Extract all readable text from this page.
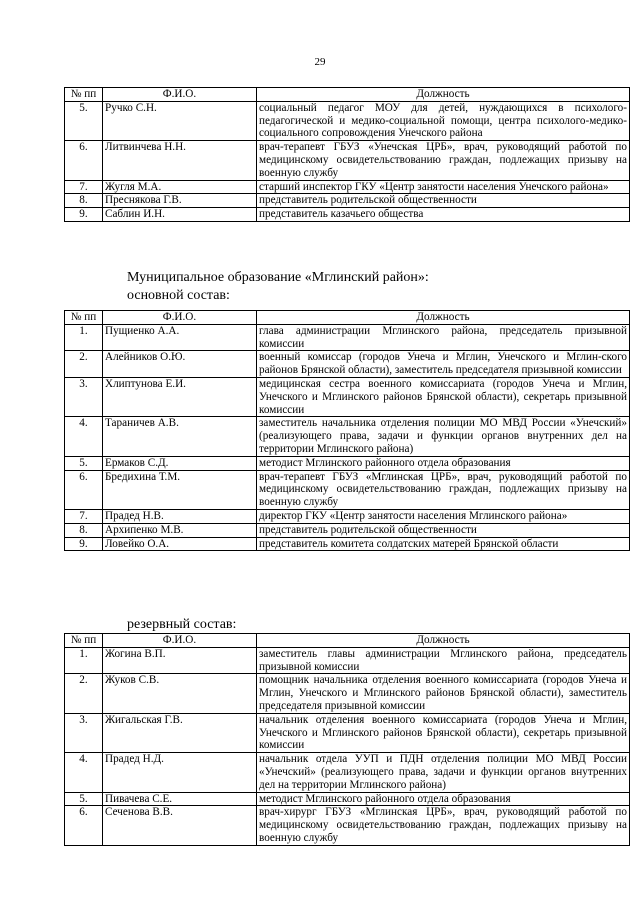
29
№ пп	Ф.И.О.	Должность
5.	Ручко С.Н.	социальный педагог МОУ для детей, нуждающихся в психолого-педагогической и медико-социальной помощи, центра психолого-медико-социального сопровождения Унечского района
6.	Литвинчева Н.Н.	врач-терапевт ГБУЗ «Унечская ЦРБ», врач, руководящий работой по медицинскому освидетельствованию граждан, подлежащих призыву на военную службу
7.	Жугля М.А.	старший инспектор ГКУ «Центр занятости населения Унечского района»
8.	Преснякова Г.В.	представитель родительской общественности
9.	Саблин И.Н.	представитель казачьего общества
Муниципальное образование «Мглинский район»:
основной состав:
№ пп	Ф.И.О.	Должность
1.	Пущиенко А.А.	глава администрации Мглинского района, председатель призывной комиссии
2.	Алейников О.Ю.	военный комиссар (городов Унеча и Мглин, Унечского и Мглин-ского районов Брянской области), заместитель председателя призывной комиссии
3.	Хлиптунова Е.И.	медицинская сестра военного комиссариата (городов Унеча и Мглин, Унечского и Мглинского районов Брянской области), секретарь призывной комиссии
4.	Тараничев А.В.	заместитель начальника отделения полиции МО МВД России «Унечский» (реализующего права, задачи и функции органов внутренних дел на территории Мглинского района)
5.	Ермаков С.Д.	методист Мглинского районного отдела образования
6.	Бредихина Т.М.	врач-терапевт ГБУЗ «Мглинская ЦРБ», врач, руководящий работой по медицинскому освидетельствованию граждан, подлежащих призыву на военную службу
7.	Прадед Н.В.	директор ГКУ «Центр занятости населения Мглинского района»
8.	Архипенко М.В.	представитель родительской общественности
9.	Ловейко О.А.	представитель комитета солдатских матерей Брянской области
резервный состав:
№ пп	Ф.И.О.	Должность
1.	Жогина В.П.	заместитель главы администрации Мглинского района, председатель призывной комиссии
2.	Жуков С.В.	помощник начальника отделения военного комиссариата (городов Унеча и Мглин, Унечского и Мглинского районов Брянской области), заместитель председателя призывной комиссии
3.	Жигальская Г.В.	начальник отделения военного комиссариата (городов Унеча и Мглин, Унечского и Мглинского районов Брянской области), секретарь призывной комиссии
4.	Прадед Н.Д.	начальник отдела УУП и ПДН отделения полиции МО МВД России «Унечский» (реализующего права, задачи и функции органов внутренних дел на территории Мглинского района)
5.	Пивачева С.Е.	методист Мглинского районного отдела образования
6.	Сеченова В.В.	врач-хирург ГБУЗ «Мглинская ЦРБ», врач, руководящий работой по медицинскому освидетельствованию граждан, подлежащих призыву на военную службу
